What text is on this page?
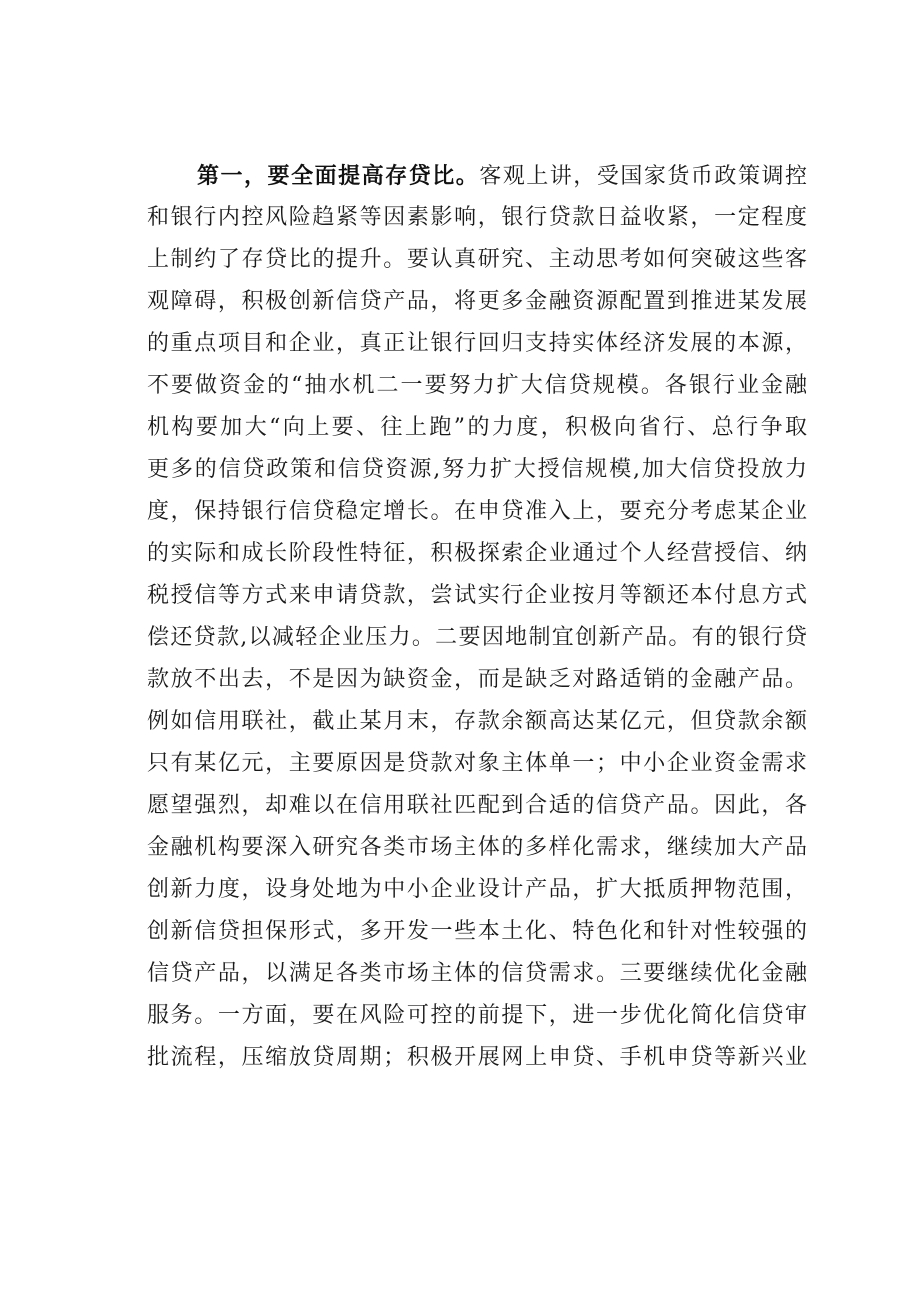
第一，要全面提高存贷比。客观上讲，受国家货币政策调控
和银行内控风险趋紧等因素影响，银行贷款日益收紧，一定程度
上制约了存贷比的提升。要认真研究、主动思考如何突破这些客
观障碍，积极创新信贷产品，将更多金融资源配置到推进某发展
的重点项目和企业，真正让银行回归支持实体经济发展的本源，
不要做资金的“抽水机二一要努力扩大信贷规模。各银行业金融
机构要加大“向上要、往上跑”的力度，积极向省行、总行争取
更多的信贷政策和信贷资源,努力扩大授信规模,加大信贷投放力
度，保持银行信贷稳定增长。在申贷准入上，要充分考虑某企业
的实际和成长阶段性特征，积极探索企业通过个人经营授信、纳
税授信等方式来申请贷款，尝试实行企业按月等额还本付息方式
偿还贷款,以减轻企业压力。二要因地制宜创新产品。有的银行贷
款放不出去，不是因为缺资金，而是缺乏对路适销的金融产品。
例如信用联社，截止某月末，存款余额高达某亿元，但贷款余额
只有某亿元，主要原因是贷款对象主体单一；中小企业资金需求
愿望强烈，却难以在信用联社匹配到合适的信贷产品。因此，各
金融机构要深入研究各类市场主体的多样化需求，继续加大产品
创新力度，设身处地为中小企业设计产品，扩大抵质押物范围，
创新信贷担保形式，多开发一些本土化、特色化和针对性较强的
信贷产品，以满足各类市场主体的信贷需求。三要继续优化金融
服务。一方面，要在风险可控的前提下，进一步优化简化信贷审
批流程，压缩放贷周期；积极开展网上申贷、手机申贷等新兴业
